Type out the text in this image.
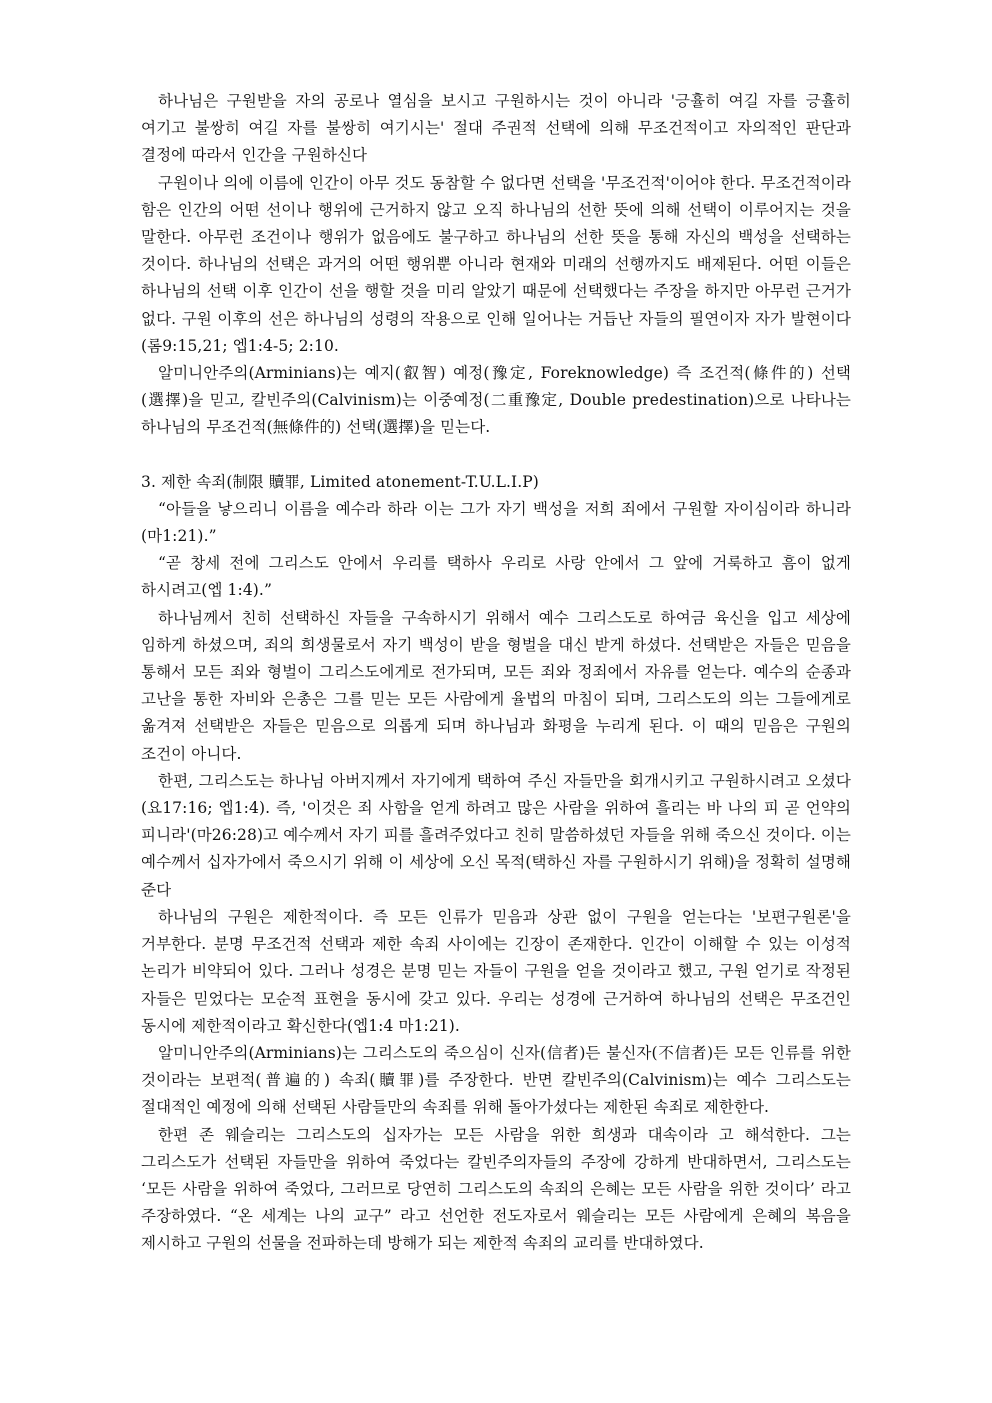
하나님은 구원받을 자의 공로나 열심을 보시고 구원하시는 것이 아니라 '긍휼히 여길 자를 긍휼히 여기고 불쌍히 여길 자를 불쌍히 여기시는' 절대 주권적 선택에 의해 무조건적이고 자의적인 판단과 결정에 따라서 인간을 구원하신다

구원이나 의에 이름에 인간이 아무 것도 동참할 수 없다면 선택을 '무조건적'이어야 한다. 무조건적이라 함은 인간의 어떤 선이나 행위에 근거하지 않고 오직 하나님의 선한 뜻에 의해 선택이 이루어지는 것을 말한다. 아무런 조건이나 행위가 없음에도 불구하고 하나님의 선한 뜻을 통해 자신의 백성을 선택하는 것이다. 하나님의 선택은 과거의 어떤 행위뿐 아니라 현재와 미래의 선행까지도 배제된다. 어떤 이들은 하나님의 선택 이후 인간이 선을 행할 것을 미리 알았기 때문에 선택했다는 주장을 하지만 아무런 근거가 없다. 구원 이후의 선은 하나님의 성령의 작용으로 인해 일어나는 거듭난 자들의 필연이자 자가 발현이다(롬9:15,21; 엡1:4-5; 2:10.

알미니안주의(Arminians)는 예지(叡智) 예정(豫定, Foreknowledge) 즉 조건적(條件的) 선택(選擇)을 믿고, 칼빈주의(Calvinism)는 이중예정(二重豫定, Double predestination)으로 나타나는 하나님의 무조건적(無條件的) 선택(選擇)을 믿는다.

3. 제한 속죄(制限 贖罪, Limited atonement-T.U.L.I.P)

“아들을 낳으리니 이름을 예수라 하라 이는 그가 자기 백성을 저희 죄에서 구원할 자이심이라 하니라(마1:21).”

“곧 창세 전에 그리스도 안에서 우리를 택하사 우리로 사랑 안에서 그 앞에 거룩하고 흠이 없게 하시려고(엡 1:4).”

하나님께서 친히 선택하신 자들을 구속하시기 위해서 예수 그리스도로 하여금 육신을 입고 세상에 임하게 하셨으며, 죄의 희생물로서 자기 백성이 받을 형벌을 대신 받게 하셨다. 선택받은 자들은 믿음을 통해서 모든 죄와 형벌이 그리스도에게로 전가되며, 모든 죄와 정죄에서 자유를 얻는다. 예수의 순종과 고난을 통한 자비와 은총은 그를 믿는 모든 사람에게 율법의 마침이 되며, 그리스도의 의는 그들에게로 옮겨져 선택받은 자들은 믿음으로 의롭게 되며 하나님과 화평을 누리게 된다. 이 때의 믿음은 구원의 조건이 아니다.

한편, 그리스도는 하나님 아버지께서 자기에게 택하여 주신 자들만을 회개시키고 구원하시려고 오셨다(요17:16; 엡1:4). 즉, '이것은 죄 사함을 얻게 하려고 많은 사람을 위하여 흘리는 바 나의 피 곧 언약의 피니라'(마26:28)고 예수께서 자기 피를 흘려주었다고 친히 말씀하셨던 자들을 위해 죽으신 것이다. 이는 예수께서 십자가에서 죽으시기 위해 이 세상에 오신 목적(택하신 자를 구원하시기 위해)을 정확히 설명해 준다

하나님의 구원은 제한적이다. 즉 모든 인류가 믿음과 상관 없이 구원을 얻는다는 '보편구원론'을 거부한다. 분명 무조건적 선택과 제한 속죄 사이에는 긴장이 존재한다. 인간이 이해할 수 있는 이성적 논리가 비약되어 있다. 그러나 성경은 분명 믿는 자들이 구원을 얻을 것이라고 했고, 구원 얻기로 작정된 자들은 믿었다는 모순적 표현을 동시에 갖고 있다. 우리는 성경에 근거하여 하나님의 선택은 무조건인 동시에 제한적이라고 확신한다(엡1:4 마1:21).

알미니안주의(Arminians)는 그리스도의 죽으심이 신자(信者)든 불신자(不信者)든 모든 인류를 위한 것이라는 보편적(普遍的) 속죄(贖罪)를 주장한다. 반면 칼빈주의(Calvinism)는 예수 그리스도는 절대적인 예정에 의해 선택된 사람들만의 속죄를 위해 돌아가셨다는 제한된 속죄로 제한한다.

한편 존 웨슬리는 그리스도의 십자가는 모든 사람을 위한 희생과 대속이라 고 해석한다. 그는 그리스도가 선택된 자들만을 위하여 죽었다는 칼빈주의자들의 주장에 강하게 반대하면서, 그리스도는 ‘모든 사람을 위하여 죽었다, 그러므로 당연히 그리스도의 속죄의 은혜는 모든 사람을 위한 것이다’ 라고 주장하였다. “온 세계는 나의 교구” 라고 선언한 전도자로서 웨슬리는 모든 사람에게 은혜의 복음을 제시하고 구원의 선물을 전파하는데 방해가 되는 제한적 속죄의 교리를 반대하였다.
